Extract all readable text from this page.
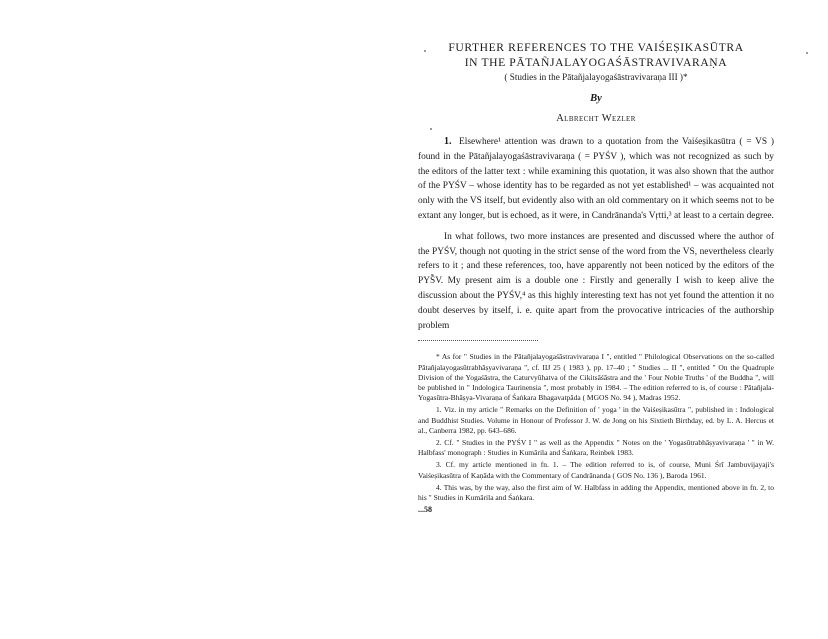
FURTHER REFERENCES TO THE VAIŚEṢIKASŪTRA
IN THE PĀTAÑJALAYOGAŚĀSTRAVIVARAṆA
( Studies in the Pātañjalayogaśāstravivaraṇa III )*
By
Albrecht Wezler

1. Elsewhere¹ attention was drawn to a quotation from the Vaiśeṣikasūtra ( = VS ) found in the Pātañjalayogaśāstravivaraṇa ( = PYŚV ), which was not recognized as such by the editors of the latter text : while examining this quotation, it was also shown that the author of the PYŚV – whose identity has to be regarded as not yet established¹ – was acquainted not only with the VS itself, but evidently also with an old commentary on it which seems not to be extant any longer, but is echoed, as it were, in Candrānanda's Vṛtti,³ at least to a certain degree.

In what follows, two more instances are presented and discussed where the author of the PYŚV, though not quoting in the strict sense of the word from the VS, nevertheless clearly refers to it ; and these references, too, have apparently not been noticed by the editors of the PYŚV. My present aim is a double one : Firstly and generally I wish to keep alive the discussion about the PYŚV,⁴ as this highly interesting text has not yet found the attention it no doubt deserves by itself, i. e. quite apart from the provocative intricacies of the authorship problem

* As for " Studies in the Pātañjalayogaśāstravivaraṇa I ", entitled " Philological Observations on the so-called Pātañjalayogasūtrabhāṣyavivaraṇa ", cf. IIJ 25 ( 1983 ), pp. 17–40 ; " Studies ... II ", entitled " On the Quadruple Division of the Yogaśāstra, the Caturvyūhatva of the Cikitsāśāstra and the ' Four Noble Truths ' of the Buddha ", will be published in " Indologica Taurinensia ", most probably in 1984. – The edition referred to is, of course : Pātañjala-Yogasūtra-Bhāṣya-Vivaraṇa of Śaṅkara Bhagavatpāda ( MGOS No. 94 ), Madras 1952.

1. Viz. in my article " Remarks on the Definition of ' yoga ' in the Vaiśeṣikasūtra ", published in : Indological and Buddhist Studies. Volume in Honour of Professor J. W. de Jong on his Sixtieth Birthday, ed. by L. A. Hercus et al., Canberra 1982, pp. 643–686.

2. Cf. " Studies in the PYŚV I " as well as the Appendix " Notes on the ' Yogasūtrabhāṣyavivaraṇa ' " in W. Halbfass' monograph : Studies in Kumārila and Śaṅkara, Reinbek 1983.

3. Cf. my article mentioned in fn. 1. – The edition referred to is, of course, Muni Śrī Jambuvijayaji's Vaiśeṣikasūtra of Kaṇāda with the Commentary of Candrānanda ( GOS No. 136 ), Baroda 1961.

4. This was, by the way, also the first aim of W. Halbfass in adding the Appendix, mentioned above in fn. 2, to his " Studies in Kumārila and Śaṅkara.

...58
